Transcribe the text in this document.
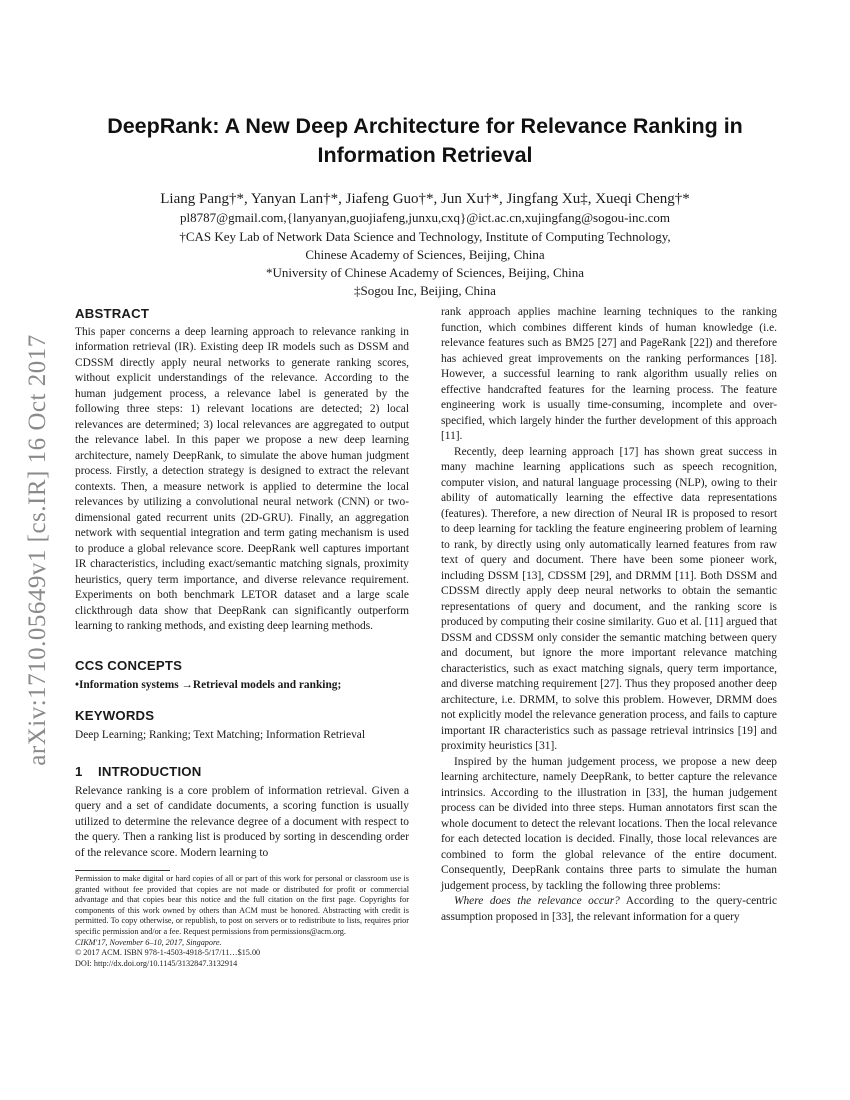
arXiv:1710.05649v1 [cs.IR] 16 Oct 2017
DeepRank: A New Deep Architecture for Relevance Ranking in
Information Retrieval
Liang Pang†*, Yanyan Lan†*, Jiafeng Guo†*, Jun Xu†*, Jingfang Xu‡, Xueqi Cheng†*
pl8787@gmail.com,{lanyanyan,guojiafeng,junxu,cxq}@ict.ac.cn,xujingfang@sogou-inc.com
†CAS Key Lab of Network Data Science and Technology, Institute of Computing Technology,
Chinese Academy of Sciences, Beijing, China
*University of Chinese Academy of Sciences, Beijing, China
‡Sogou Inc, Beijing, China
ABSTRACT

This paper concerns a deep learning approach to relevance ranking in information retrieval (IR). Existing deep IR models such as DSSM and CDSSM directly apply neural networks to generate ranking scores, without explicit understandings of the relevance. According to the human judgement process, a relevance label is generated by the following three steps: 1) relevant locations are detected; 2) local relevances are determined; 3) local relevances are aggregated to output the relevance label. In this paper we propose a new deep learning architecture, namely DeepRank, to simulate the above human judgment process. Firstly, a detection strategy is designed to extract the relevant contexts. Then, a measure network is applied to determine the local relevances by utilizing a convolutional neural network (CNN) or two-dimensional gated recurrent units (2D-GRU). Finally, an aggregation network with sequential integration and term gating mechanism is used to produce a global relevance score. DeepRank well captures important IR characteristics, including exact/semantic matching signals, proximity heuristics, query term importance, and diverse relevance requirement. Experiments on both benchmark LETOR dataset and a large scale clickthrough data show that DeepRank can significantly outperform learning to ranking methods, and existing deep learning methods.

CCS CONCEPTS

•Information systems →Retrieval models and ranking;

KEYWORDS

Deep Learning; Ranking; Text Matching; Information Retrieval

1    INTRODUCTION

Relevance ranking is a core problem of information retrieval. Given a query and a set of candidate documents, a scoring function is usually utilized to determine the relevance degree of a document with respect to the query. Then a ranking list is produced by sorting in descending order of the relevance score. Modern learning to

Permission to make digital or hard copies of all or part of this work for personal or classroom use is granted without fee provided that copies are not made or distributed for profit or commercial advantage and that copies bear this notice and the full citation on the first page. Copyrights for components of this work owned by others than ACM must be honored. Abstracting with credit is permitted. To copy otherwise, or republish, to post on servers or to redistribute to lists, requires prior specific permission and/or a fee. Request permissions from permissions@acm.org.

CIKM'17, November 6–10, 2017, Singapore.

© 2017 ACM. ISBN 978-1-4503-4918-5/17/11…$15.00

DOI: http://dx.doi.org/10.1145/3132847.3132914

rank approach applies machine learning techniques to the ranking function, which combines different kinds of human knowledge (i.e. relevance features such as BM25 [27] and PageRank [22]) and therefore has achieved great improvements on the ranking performances [18]. However, a successful learning to rank algorithm usually relies on effective handcrafted features for the learning process. The feature engineering work is usually time-consuming, incomplete and over-specified, which largely hinder the further development of this approach [11].

Recently, deep learning approach [17] has shown great success in many machine learning applications such as speech recognition, computer vision, and natural language processing (NLP), owing to their ability of automatically learning the effective data representations (features). Therefore, a new direction of Neural IR is proposed to resort to deep learning for tackling the feature engineering problem of learning to rank, by directly using only automatically learned features from raw text of query and document. There have been some pioneer work, including DSSM [13], CDSSM [29], and DRMM [11]. Both DSSM and CDSSM directly apply deep neural networks to obtain the semantic representations of query and document, and the ranking score is produced by computing their cosine similarity. Guo et al. [11] argued that DSSM and CDSSM only consider the semantic matching between query and document, but ignore the more important relevance matching characteristics, such as exact matching signals, query term importance, and diverse matching requirement [27]. Thus they proposed another deep architecture, i.e. DRMM, to solve this problem. However, DRMM does not explicitly model the relevance generation process, and fails to capture important IR characteristics such as passage retrieval intrinsics [19] and proximity heuristics [31].

Inspired by the human judgement process, we propose a new deep learning architecture, namely DeepRank, to better capture the relevance intrinsics. According to the illustration in [33], the human judgement process can be divided into three steps. Human annotators first scan the whole document to detect the relevant locations. Then the local relevance for each detected location is decided. Finally, those local relevances are combined to form the global relevance of the entire document. Consequently, DeepRank contains three parts to simulate the human judgement process, by tackling the following three problems:

Where does the relevance occur? According to the query-centric assumption proposed in [33], the relevant information for a query
